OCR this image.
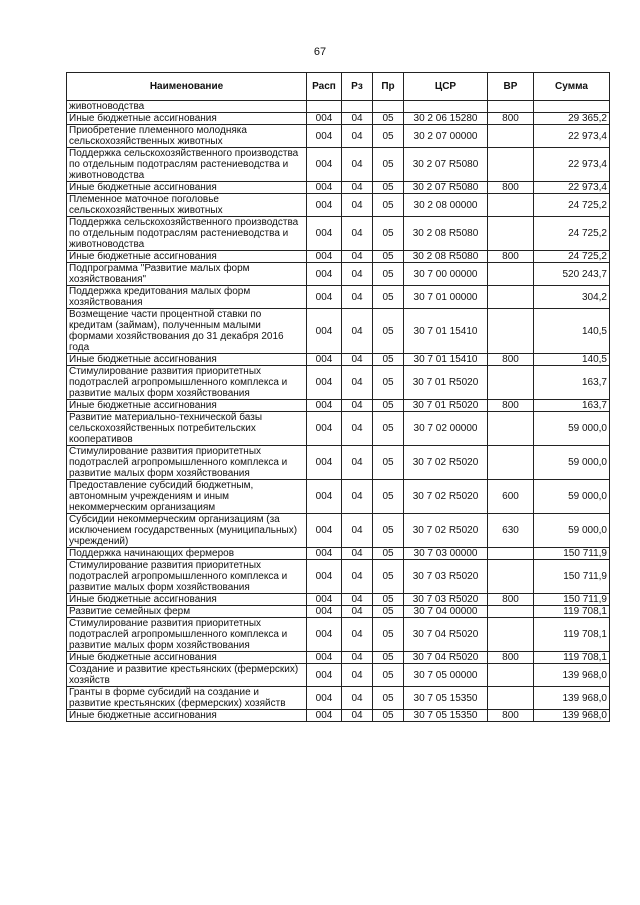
67
Наименование	Расп	Рз	Пр	ЦСР	ВР	Сумма
животноводства						
Иные бюджетные ассигнования	004	04	05	30 2 06 15280	800	29 365,2
Приобретение племенного молодняка сельскохозяйственных животных	004	04	05	30 2 07 00000		22 973,4
Поддержка сельскохозяйственного производства по отдельным подотраслям растениеводства и животноводства	004	04	05	30 2 07 R5080		22 973,4
Иные бюджетные ассигнования	004	04	05	30 2 07 R5080	800	22 973,4
Племенное маточное поголовье сельскохозяйственных животных	004	04	05	30 2 08 00000		24 725,2
Поддержка сельскохозяйственного производства по отдельным подотраслям растениеводства и животноводства	004	04	05	30 2 08 R5080		24 725,2
Иные бюджетные ассигнования	004	04	05	30 2 08 R5080	800	24 725,2
Подпрограмма "Развитие малых форм хозяйствования"	004	04	05	30 7 00 00000		520 243,7
Поддержка кредитования малых форм хозяйствования	004	04	05	30 7 01 00000		304,2
Возмещение части процентной ставки по кредитам (займам), полученным малыми формами хозяйствования до 31 декабря 2016 года	004	04	05	30 7 01 15410		140,5
Иные бюджетные ассигнования	004	04	05	30 7 01 15410	800	140,5
Стимулирование развития приоритетных подотраслей агропромышленного комплекса и развитие малых форм хозяйствования	004	04	05	30 7 01 R5020		163,7
Иные бюджетные ассигнования	004	04	05	30 7 01 R5020	800	163,7
Развитие материально-технической базы сельскохозяйственных потребительских кооперативов	004	04	05	30 7 02 00000		59 000,0
Стимулирование развития приоритетных подотраслей агропромышленного комплекса и развитие малых форм хозяйствования	004	04	05	30 7 02 R5020		59 000,0
Предоставление субсидий бюджетным, автономным учреждениям и иным некоммерческим организациям	004	04	05	30 7 02 R5020	600	59 000,0
Субсидии некоммерческим организациям (за исключением государственных (муниципальных) учреждений)	004	04	05	30 7 02 R5020	630	59 000,0
Поддержка начинающих фермеров	004	04	05	30 7 03 00000		150 711,9
Стимулирование развития приоритетных подотраслей агропромышленного комплекса и развитие малых форм хозяйствования	004	04	05	30 7 03 R5020		150 711,9
Иные бюджетные ассигнования	004	04	05	30 7 03 R5020	800	150 711,9
Развитие семейных ферм	004	04	05	30 7 04 00000		119 708,1
Стимулирование развития приоритетных подотраслей агропромышленного комплекса и развитие малых форм хозяйствования	004	04	05	30 7 04 R5020		119 708,1
Иные бюджетные ассигнования	004	04	05	30 7 04 R5020	800	119 708,1
Создание и развитие крестьянских (фермерских) хозяйств	004	04	05	30 7 05 00000		139 968,0
Гранты в форме субсидий на создание и развитие крестьянских (фермерских) хозяйств	004	04	05	30 7 05 15350		139 968,0
Иные бюджетные ассигнования	004	04	05	30 7 05 15350	800	139 968,0
